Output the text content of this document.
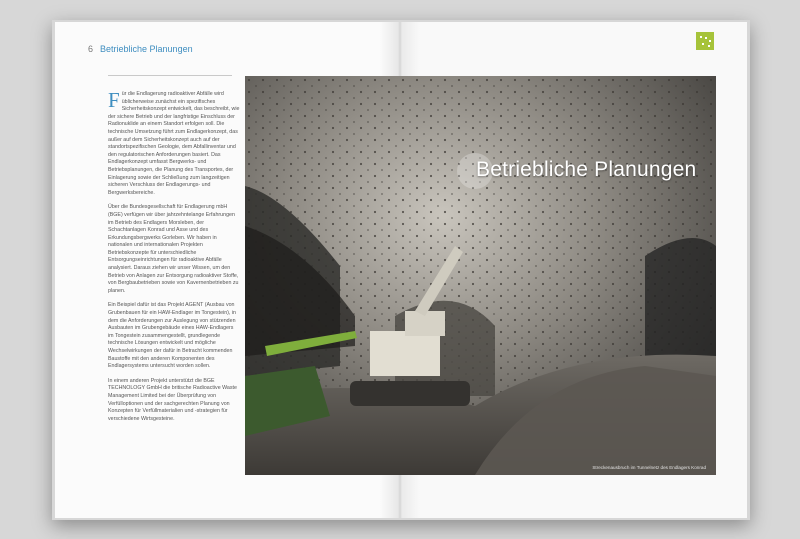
6 Betriebliche Planungen

Für die Endlagerung radioaktiver Abfälle wird üblicherweise zunächst ein spezifisches Sicherheitskonzept entwickelt, das beschreibt, wie der sichere Betrieb und der langfristige Einschluss der Radionuklide an einem Standort erfolgen soll. Die technische Umsetzung führt zum Endlagerkonzept, das außer auf dem Sicherheitskonzept auch auf der standortspezifischen Geologie, dem Abfallinventar und den regulatorischen Anforderungen basiert. Das Endlagerkonzept umfasst Bergwerks- und Betriebsplanungen, die Planung des Transportes, der Einlagerung sowie der Schließung zum langzeitigen sicheren Verschluss der Endlagerungs- und Bergwerksbereiche.

Über die Bundesgesellschaft für Endlagerung mbH (BGE) verfügen wir über jahrzehntelange Erfahrungen im Betrieb des Endlagers Morsleben, der Schachtanlagen Konrad und Asse und des Erkundungsbergwerks Gorleben. Wir haben in nationalen und internationalen Projekten Betriebskonzepte für unterschiedliche Entsorgungseinrichtungen für radioaktive Abfälle analysiert. Daraus ziehen wir unser Wissen, um den Betrieb von Anlagen zur Entsorgung radioaktiver Stoffe, von Bergbaubetrieben sowie von Kavernenbetrieben zu planen.

Ein Beispiel dafür ist das Projekt AGENT (Ausbau von Grubenbauen für ein HAW-Endlager im Tongestein), in dem die Anforderungen zur Auslegung von stützenden Ausbauten im Grubengebäude eines HAW-Endlagers im Tongestein zusammengestellt, grundlegende technische Lösungen entwickelt und mögliche Wechselwirkungen der dafür in Betracht kommenden Baustoffe mit den anderen Komponenten des Endlagersystems untersucht worden sollen.

In einem anderen Projekt unterstützt die BGE TECHNOLOGY GmbH die britische Radioactive Waste Management Limited bei der Überprüfung von Verfülloptionen und der sachgerechten Planung von Konzepten für Verfüllmaterialien und -strategien für verschiedene Wirtsgesteine.

Streckenausbruch im Tunnelnetz des Endlagers Konrad
Betriebliche Planungen
